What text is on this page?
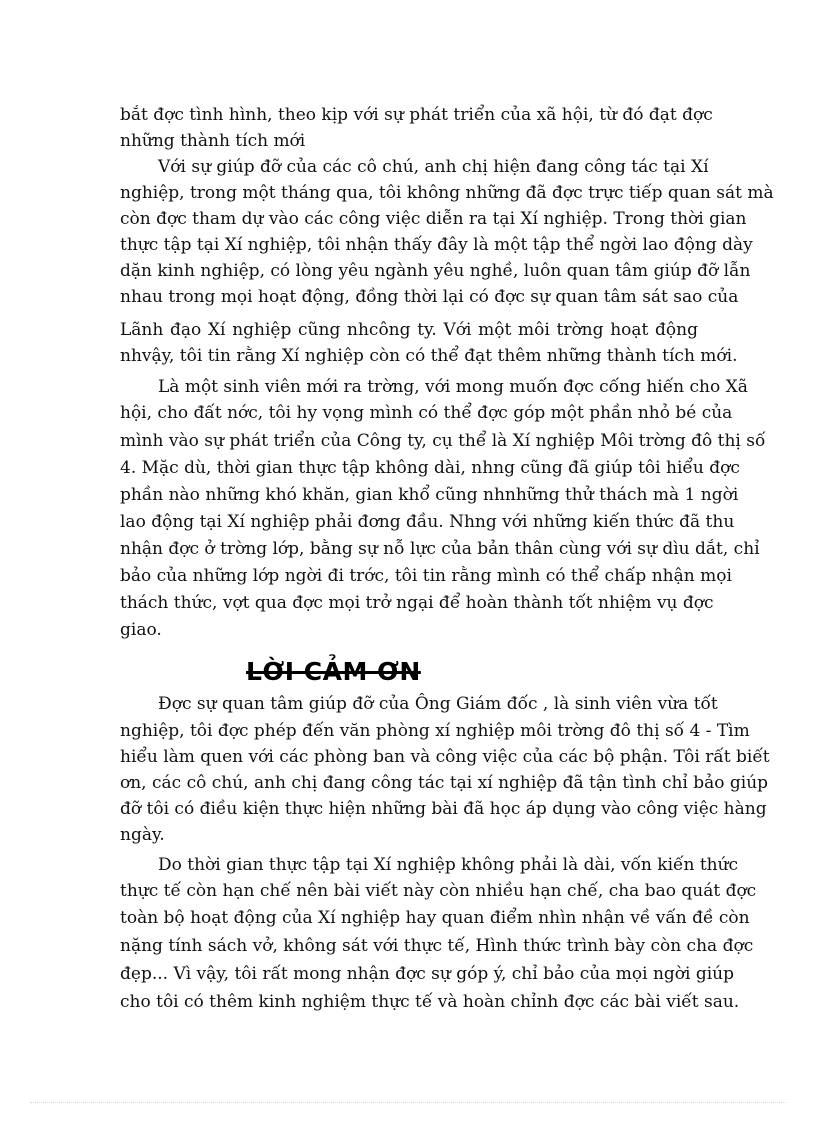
bắt đợc tình hình, theo kịp với sự phát triển của xã hội, từ đó đạt đợc
những thành tích mới
Với sự giúp đỡ của các cô chú, anh chị hiện đang công tác tại Xí
nghiệp, trong một tháng qua, tôi không những đã đợc trực tiếp quan sát mà
còn đợc tham dự vào các công việc diễn ra tại Xí nghiệp. Trong thời gian
thực tập tại Xí nghiệp, tôi nhận thấy đây là một tập thể ngời lao động dày
dặn kinh nghiệp, có lòng yêu ngành yêu nghề, luôn quan tâm giúp đỡ lẫn
nhau trong mọi hoạt động, đồng thời lại có đợc sự quan tâm sát sao của
Lãnh đạo Xí nghiệp cũng nhcông ty. Với một môi trờng hoạt động
nhvậy, tôi tin rằng Xí nghiệp còn có thể đạt thêm những thành tích mới.
Là một sinh viên mới ra trờng, với mong muốn đợc cống hiến cho Xã
hội, cho đất nớc, tôi hy vọng mình có thể đợc góp một phần nhỏ bé của
mình vào sự phát triển của Công ty, cụ thể là Xí nghiệp Môi trờng đô thị số
4. Mặc dù, thời gian thực tập không dài, nhng cũng đã giúp tôi hiểu đợc
phần nào những khó khăn, gian khổ cũng nhnhững thử thách mà 1 ngời
lao động tại Xí nghiệp phải đơng đầu. Nhng với những kiến thức đã thu
nhận đợc ở trờng lớp, bằng sự nỗ lực của bản thân cùng với sự dìu dắt, chỉ
bảo của những lớp ngời đi trớc, tôi tin rằng mình có thể chấp nhận mọi
thách thức, vợt qua đợc mọi trở ngại để hoàn thành tốt nhiệm vụ đợc
giao.
LỜI CẢM ƠN
Đợc sự quan tâm giúp đỡ của Ông Giám đốc , là sinh viên vừa tốt
nghiệp, tôi đợc phép đến văn phòng xí nghiệp môi trờng đô thị số 4 - Tìm
hiểu làm quen với các phòng ban và công việc của các bộ phận. Tôi rất biết
ơn, các cô chú, anh chị đang công tác tại xí nghiệp đã tận tình chỉ bảo giúp
đỡ tôi có điều kiện thực hiện những bài đã học áp dụng vào công việc hàng
ngày.
Do thời gian thực tập tại Xí nghiệp không phải là dài, vốn kiến thức
thực tế còn hạn chế nên bài viết này còn nhiều hạn chế, cha bao quát đợc
toàn bộ hoạt động của Xí nghiệp hay quan điểm nhìn nhận về vấn đề còn
nặng tính sách vở, không sát với thực tế, Hình thức trình bày còn cha đợc
đẹp... Vì vậy, tôi rất mong nhận đợc sự góp ý, chỉ bảo của mọi ngời giúp
cho tôi có thêm kinh nghiệm thực tế và hoàn chỉnh đợc các bài viết sau.
